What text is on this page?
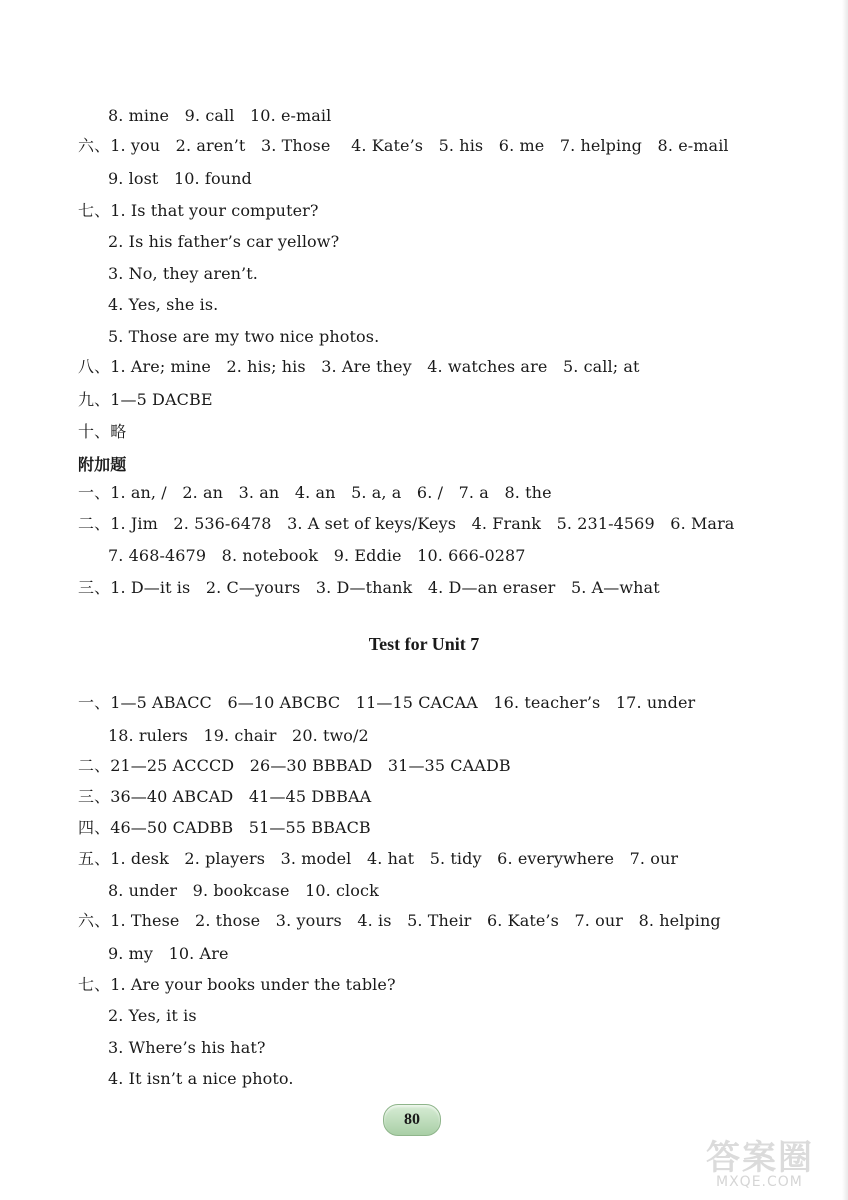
8. mine   9. call   10. e-mail
六、1. you   2. aren’t   3. Those    4. Kate’s   5. his   6. me   7. helping   8. e-mail
9. lost   10. found
七、1. Is that your computer?
2. Is his father’s car yellow?
3. No, they aren’t.
4. Yes, she is.
5. Those are my two nice photos.
八、1. Are; mine   2. his; his   3. Are they   4. watches are   5. call; at
九、1—5 DACBE
十、略
附加题
一、1. an, /   2. an   3. an   4. an   5. a, a   6. /   7. a   8. the
二、1. Jim   2. 536-6478   3. A set of keys/Keys   4. Frank   5. 231-4569   6. Mara
7. 468-4679   8. notebook   9. Eddie   10. 666-0287
三、1. D—it is   2. C—yours   3. D—thank   4. D—an eraser   5. A—what
Test for Unit 7
一、1—5 ABACC   6—10 ABCBC   11—15 CACAA   16. teacher’s   17. under
18. rulers   19. chair   20. two/2
二、21—25 ACCCD   26—30 BBBAD   31—35 CAADB
三、36—40 ABCAD   41—45 DBBAA
四、46—50 CADBB   51—55 BBACB
五、1. desk   2. players   3. model   4. hat   5. tidy   6. everywhere   7. our
8. under   9. bookcase   10. clock
六、1. These   2. those   3. yours   4. is   5. Their   6. Kate’s   7. our   8. helping
9. my   10. Are
七、1. Are your books under the table?
2. Yes, it is
3. Where’s his hat?
4. It isn’t a nice photo.
80
答案圈
MXQE.COM
